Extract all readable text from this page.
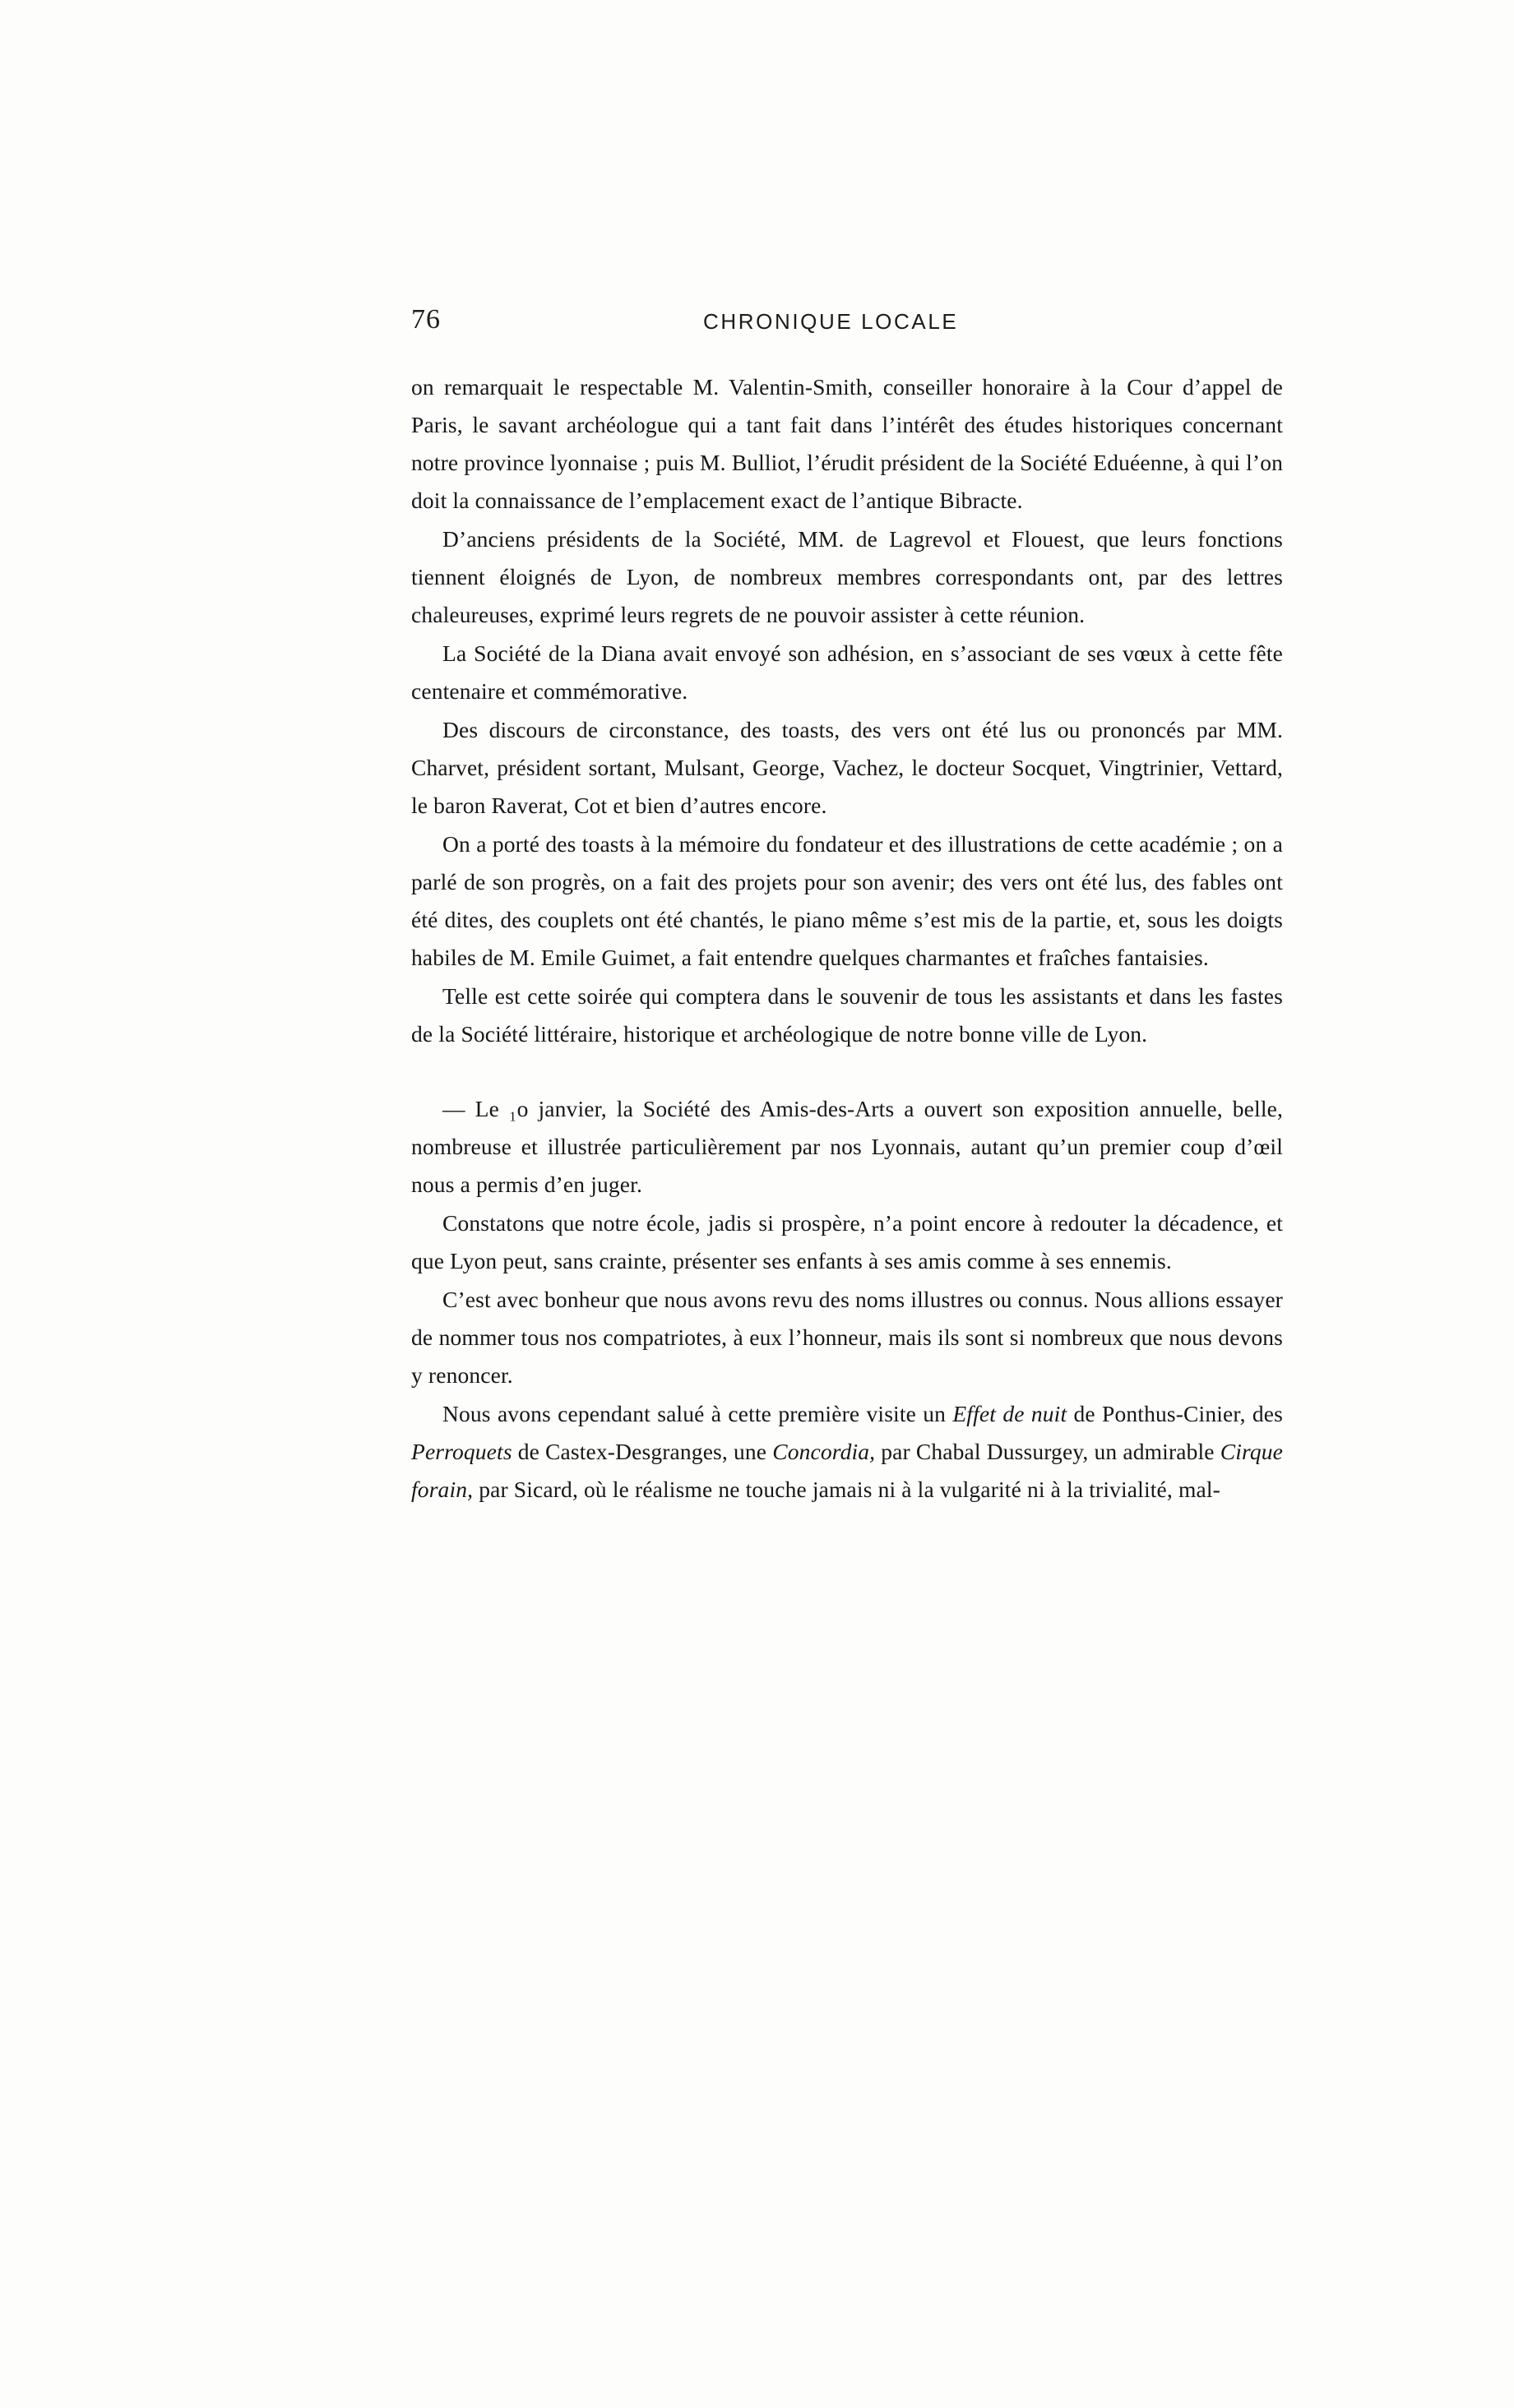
76	CHRONIQUE LOCALE

on remarquait le respectable M. Valentin-Smith, conseiller honoraire à la Cour d’appel de Paris, le savant archéologue qui a tant fait dans l’intérêt des études historiques concernant notre province lyonnaise ; puis M. Bulliot, l’érudit président de la Société Eduéenne, à qui l’on doit la connaissance de l’emplacement exact de l’antique Bibracte.

D’anciens présidents de la Société, MM. de Lagrevol et Flouest, que leurs fonctions tiennent éloignés de Lyon, de nombreux membres correspondants ont, par des lettres chaleureuses, exprimé leurs regrets de ne pouvoir assister à cette réunion.

La Société de la Diana avait envoyé son adhésion, en s’associant de ses vœux à cette fête centenaire et commémorative.

Des discours de circonstance, des toasts, des vers ont été lus ou prononcés par MM. Charvet, président sortant, Mulsant, George, Vachez, le docteur Socquet, Vingtrinier, Vettard, le baron Raverat, Cot et bien d’autres encore.

On a porté des toasts à la mémoire du fondateur et des illustrations de cette académie ; on a parlé de son progrès, on a fait des projets pour son avenir; des vers ont été lus, des fables ont été dites, des couplets ont été chantés, le piano même s’est mis de la partie, et, sous les doigts habiles de M. Emile Guimet, a fait entendre quelques charmantes et fraîches fantaisies.

Telle est cette soirée qui comptera dans le souvenir de tous les assistants et dans les fastes de la Société littéraire, historique et archéologique de notre bonne ville de Lyon.

— Le ₁o janvier, la Société des Amis-des-Arts a ouvert son exposition annuelle, belle, nombreuse et illustrée particulièrement par nos Lyonnais, autant qu’un premier coup d’œil nous a permis d’en juger.

Constatons que notre école, jadis si prospère, n’a point encore à redouter la décadence, et que Lyon peut, sans crainte, présenter ses enfants à ses amis comme à ses ennemis.

C’est avec bonheur que nous avons revu des noms illustres ou connus. Nous allions essayer de nommer tous nos compatriotes, à eux l’honneur, mais ils sont si nombreux que nous devons y renoncer.

Nous avons cependant salué à cette première visite un Effet de nuit de Ponthus-Cinier, des Perroquets de Castex-Desgranges, une Concordia, par Chabal Dussurgey, un admirable Cirque forain, par Sicard, où le réalisme ne touche jamais ni à la vulgarité ni à la trivialité, mal-
